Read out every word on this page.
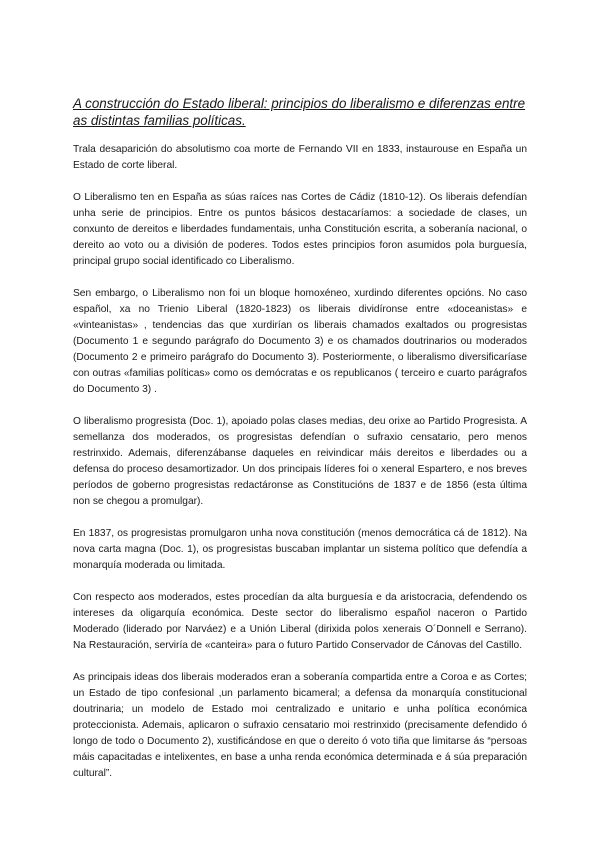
A construcción do Estado liberal: principios do liberalismo e diferenzas entre as distintas familias políticas.

Trala desaparición do absolutismo coa morte de Fernando VII en 1833, instaurouse en España un Estado de corte liberal.

O Liberalismo ten en España as súas raíces nas Cortes de Cádiz (1810-12). Os liberais defendían unha serie de principios. Entre os puntos básicos destacaríamos: a sociedade de clases, un conxunto de dereitos e liberdades fundamentais, unha Constitución escrita, a soberanía nacional, o dereito ao voto ou a división de poderes. Todos estes principios foron asumidos pola burguesía, principal grupo social identificado co Liberalismo.

Sen embargo, o Liberalismo non foi un bloque homoxéneo, xurdindo diferentes opcións. No caso español, xa no Trienio Liberal (1820-1823) os liberais dividíronse entre «doceanistas» e «vinteanistas» , tendencias das que xurdirían os liberais chamados exaltados ou progresistas (Documento 1 e segundo parágrafo do Documento 3) e os chamados doutrinarios ou moderados (Documento 2 e primeiro parágrafo do Documento 3). Posteriormente, o liberalismo diversificaríase con outras «familias políticas» como os demócratas e os republicanos ( terceiro e cuarto parágrafos do Documento 3) .

O liberalismo progresista (Doc. 1), apoiado polas clases medias, deu orixe ao Partido Progresista. A semellanza dos moderados, os progresistas defendían o sufraxio censatario, pero menos restrinxido. Ademais, diferenzábanse daqueles en reivindicar máis dereitos e liberdades ou a defensa do proceso desamortizador. Un dos principais líderes foi o xeneral Espartero, e nos breves períodos de goberno progresistas redactáronse as Constitucións de 1837 e de 1856 (esta última non se chegou a promulgar).

En 1837, os progresistas promulgaron unha nova constitución (menos democrática cá de 1812). Na nova carta magna (Doc. 1), os progresistas buscaban implantar un sistema político que defendía a monarquía moderada ou limitada.

Con respecto aos moderados, estes procedían da alta burguesía e da aristocracia, defendendo os intereses da oligarquía económica. Deste sector do liberalismo español naceron o Partido Moderado (liderado por Narváez) e a Unión Liberal (dirixida polos xenerais O´Donnell e Serrano). Na Restauración, serviría de «canteira» para o futuro Partido Conservador de Cánovas del Castillo.

As principais ideas dos liberais moderados eran a soberanía compartida entre a Coroa e as Cortes; un Estado de tipo confesional ,un parlamento bicameral; a defensa da monarquía constitucional doutrinaria; un modelo de Estado moi centralizado e unitario e unha política económica proteccionista. Ademais, aplicaron o sufraxio censatario moi restrinxido (precisamente defendido ó longo de todo o Documento 2), xustificándose en que o dereito ó voto tiña que limitarse ás “persoas máis capacitadas e intelixentes, en base a unha renda económica determinada e á súa preparación cultural”.
